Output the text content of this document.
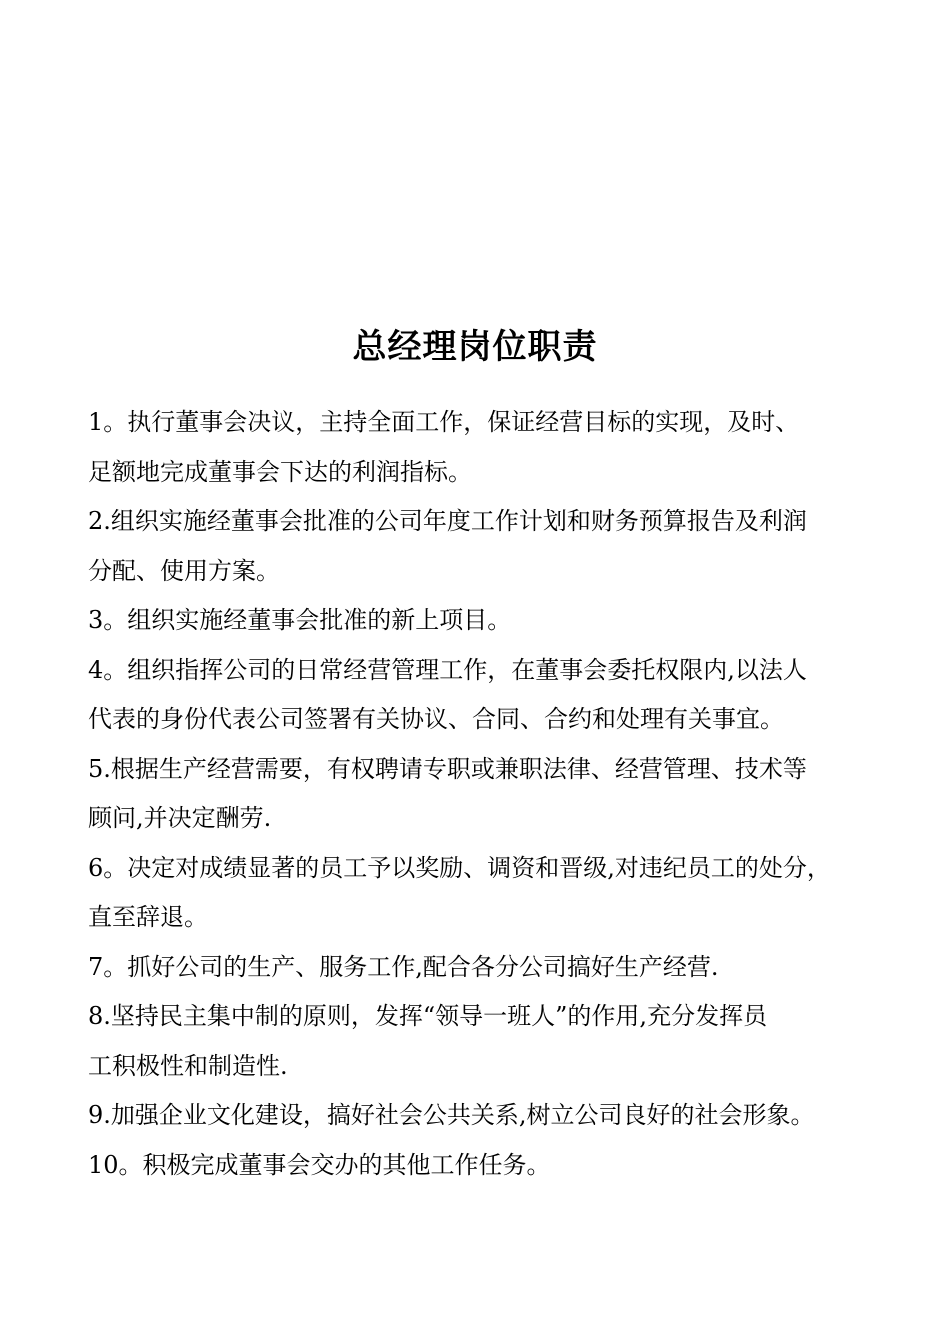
总经理岗位职责
1。执行董事会决议，主持全面工作，保证经营目标的实现，及时、
足额地完成董事会下达的利润指标。
2.组织实施经董事会批准的公司年度工作计划和财务预算报告及利润
分配、使用方案。
3。组织实施经董事会批准的新上项目。
4。组织指挥公司的日常经营管理工作，在董事会委托权限内,以法人
代表的身份代表公司签署有关协议、合同、合约和处理有关事宜。
5.根据生产经营需要，有权聘请专职或兼职法律、经营管理、技术等
顾问,并决定酬劳.
6。决定对成绩显著的员工予以奖励、调资和晋级,对违纪员工的处分，
直至辞退。
7。抓好公司的生产、服务工作,配合各分公司搞好生产经营.
8.坚持民主集中制的原则，发挥“领导一班人”的作用,充分发挥员
工积极性和制造性.
9.加强企业文化建设，搞好社会公共关系,树立公司良好的社会形象。
10。积极完成董事会交办的其他工作任务。
